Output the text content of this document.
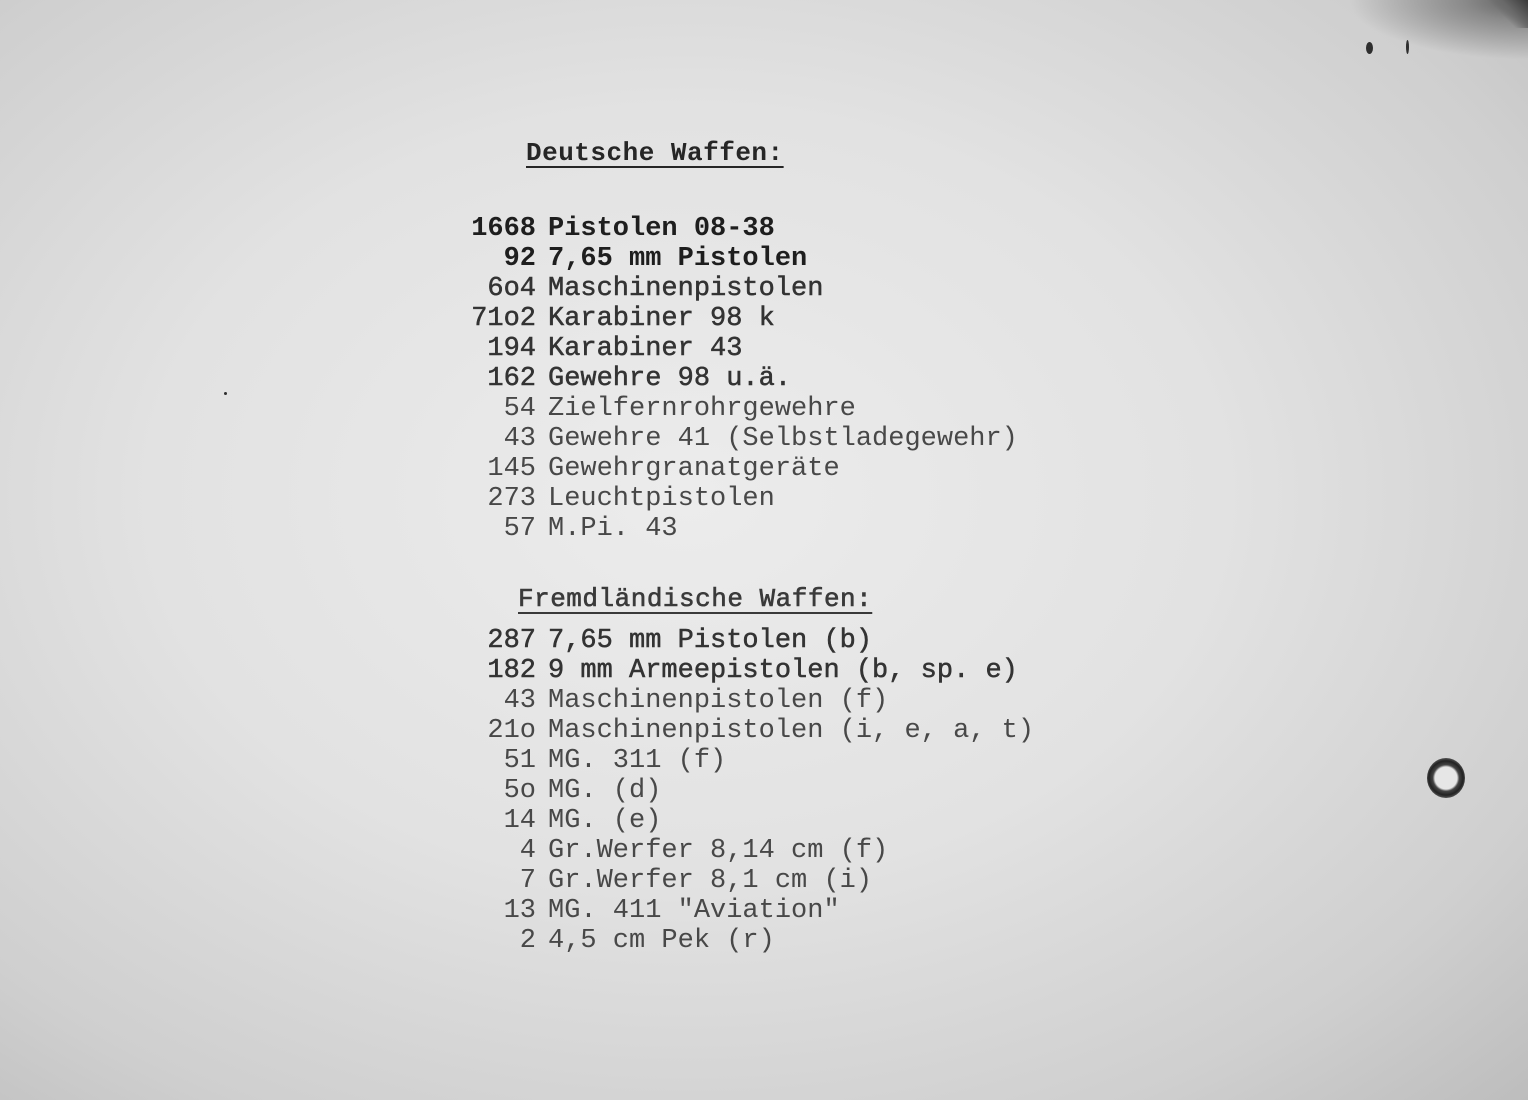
Deutsche Waffen:
1668 Pistolen 08-38
92 7,65 mm Pistolen
6o4 Maschinenpistolen
71o2 Karabiner 98 k
194 Karabiner 43
162 Gewehre 98 u.ä.
54 Zielfernrohrgewehre
43 Gewehre 41 (Selbstladegewehr)
145 Gewehrgranatgeräte
273 Leuchtpistolen
57 M.Pi. 43
Fremdländische Waffen:
287 7,65 mm Pistolen (b)
182 9 mm Armeepistolen (b, sp. e)
43 Maschinenpistolen (f)
21o Maschinenpistolen (i, e, a, t)
51 MG. 311 (f)
5o MG. (d)
14 MG. (e)
4 Gr.Werfer 8,14 cm (f)
7 Gr.Werfer 8,1 cm (i)
13 MG. 411 "Aviation"
2 4,5 cm Pek (r)
